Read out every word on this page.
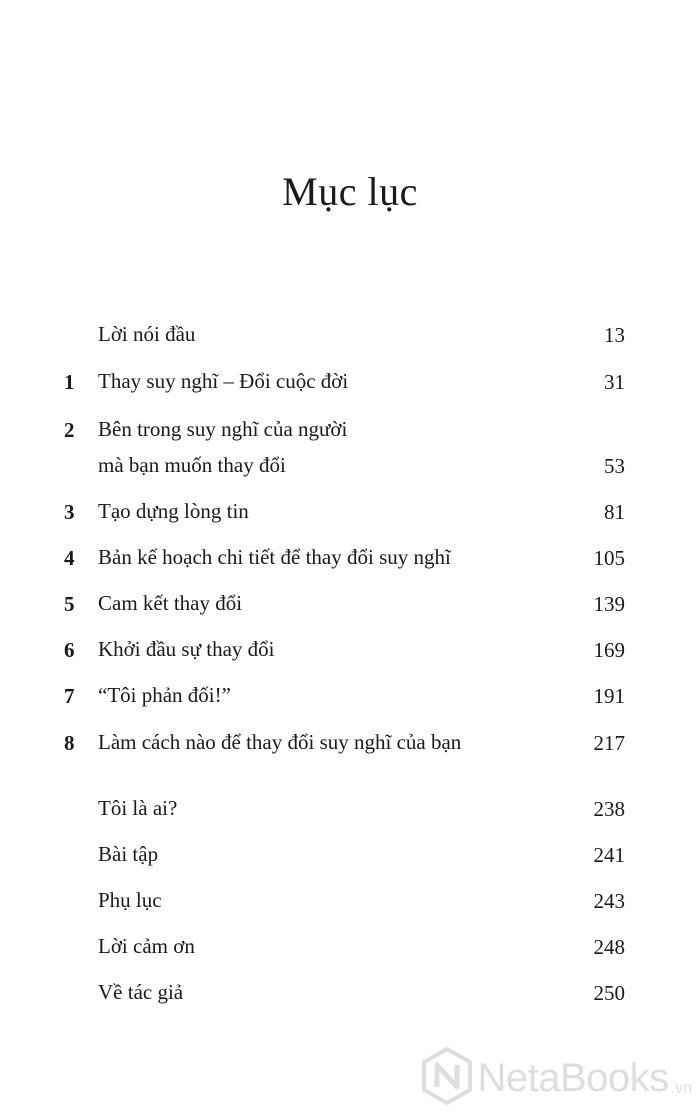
Mục lục
Lời nói đầu	13
1 Thay suy nghĩ – Đổi cuộc đời	31
2 Bên trong suy nghĩ của người
mà bạn muốn thay đổi	53
3 Tạo dựng lòng tin	81
4 Bản kế hoạch chi tiết để thay đổi suy nghĩ	105
5 Cam kết thay đổi	139
6 Khởi đầu sự thay đổi	169
7 “Tôi phản đối!”	191
8 Làm cách nào để thay đổi suy nghĩ của bạn	217
Tôi là ai?	238
Bài tập	241
Phụ lục	243
Lời cảm ơn	248
Về tác giả	250
NetaBooks .vn
